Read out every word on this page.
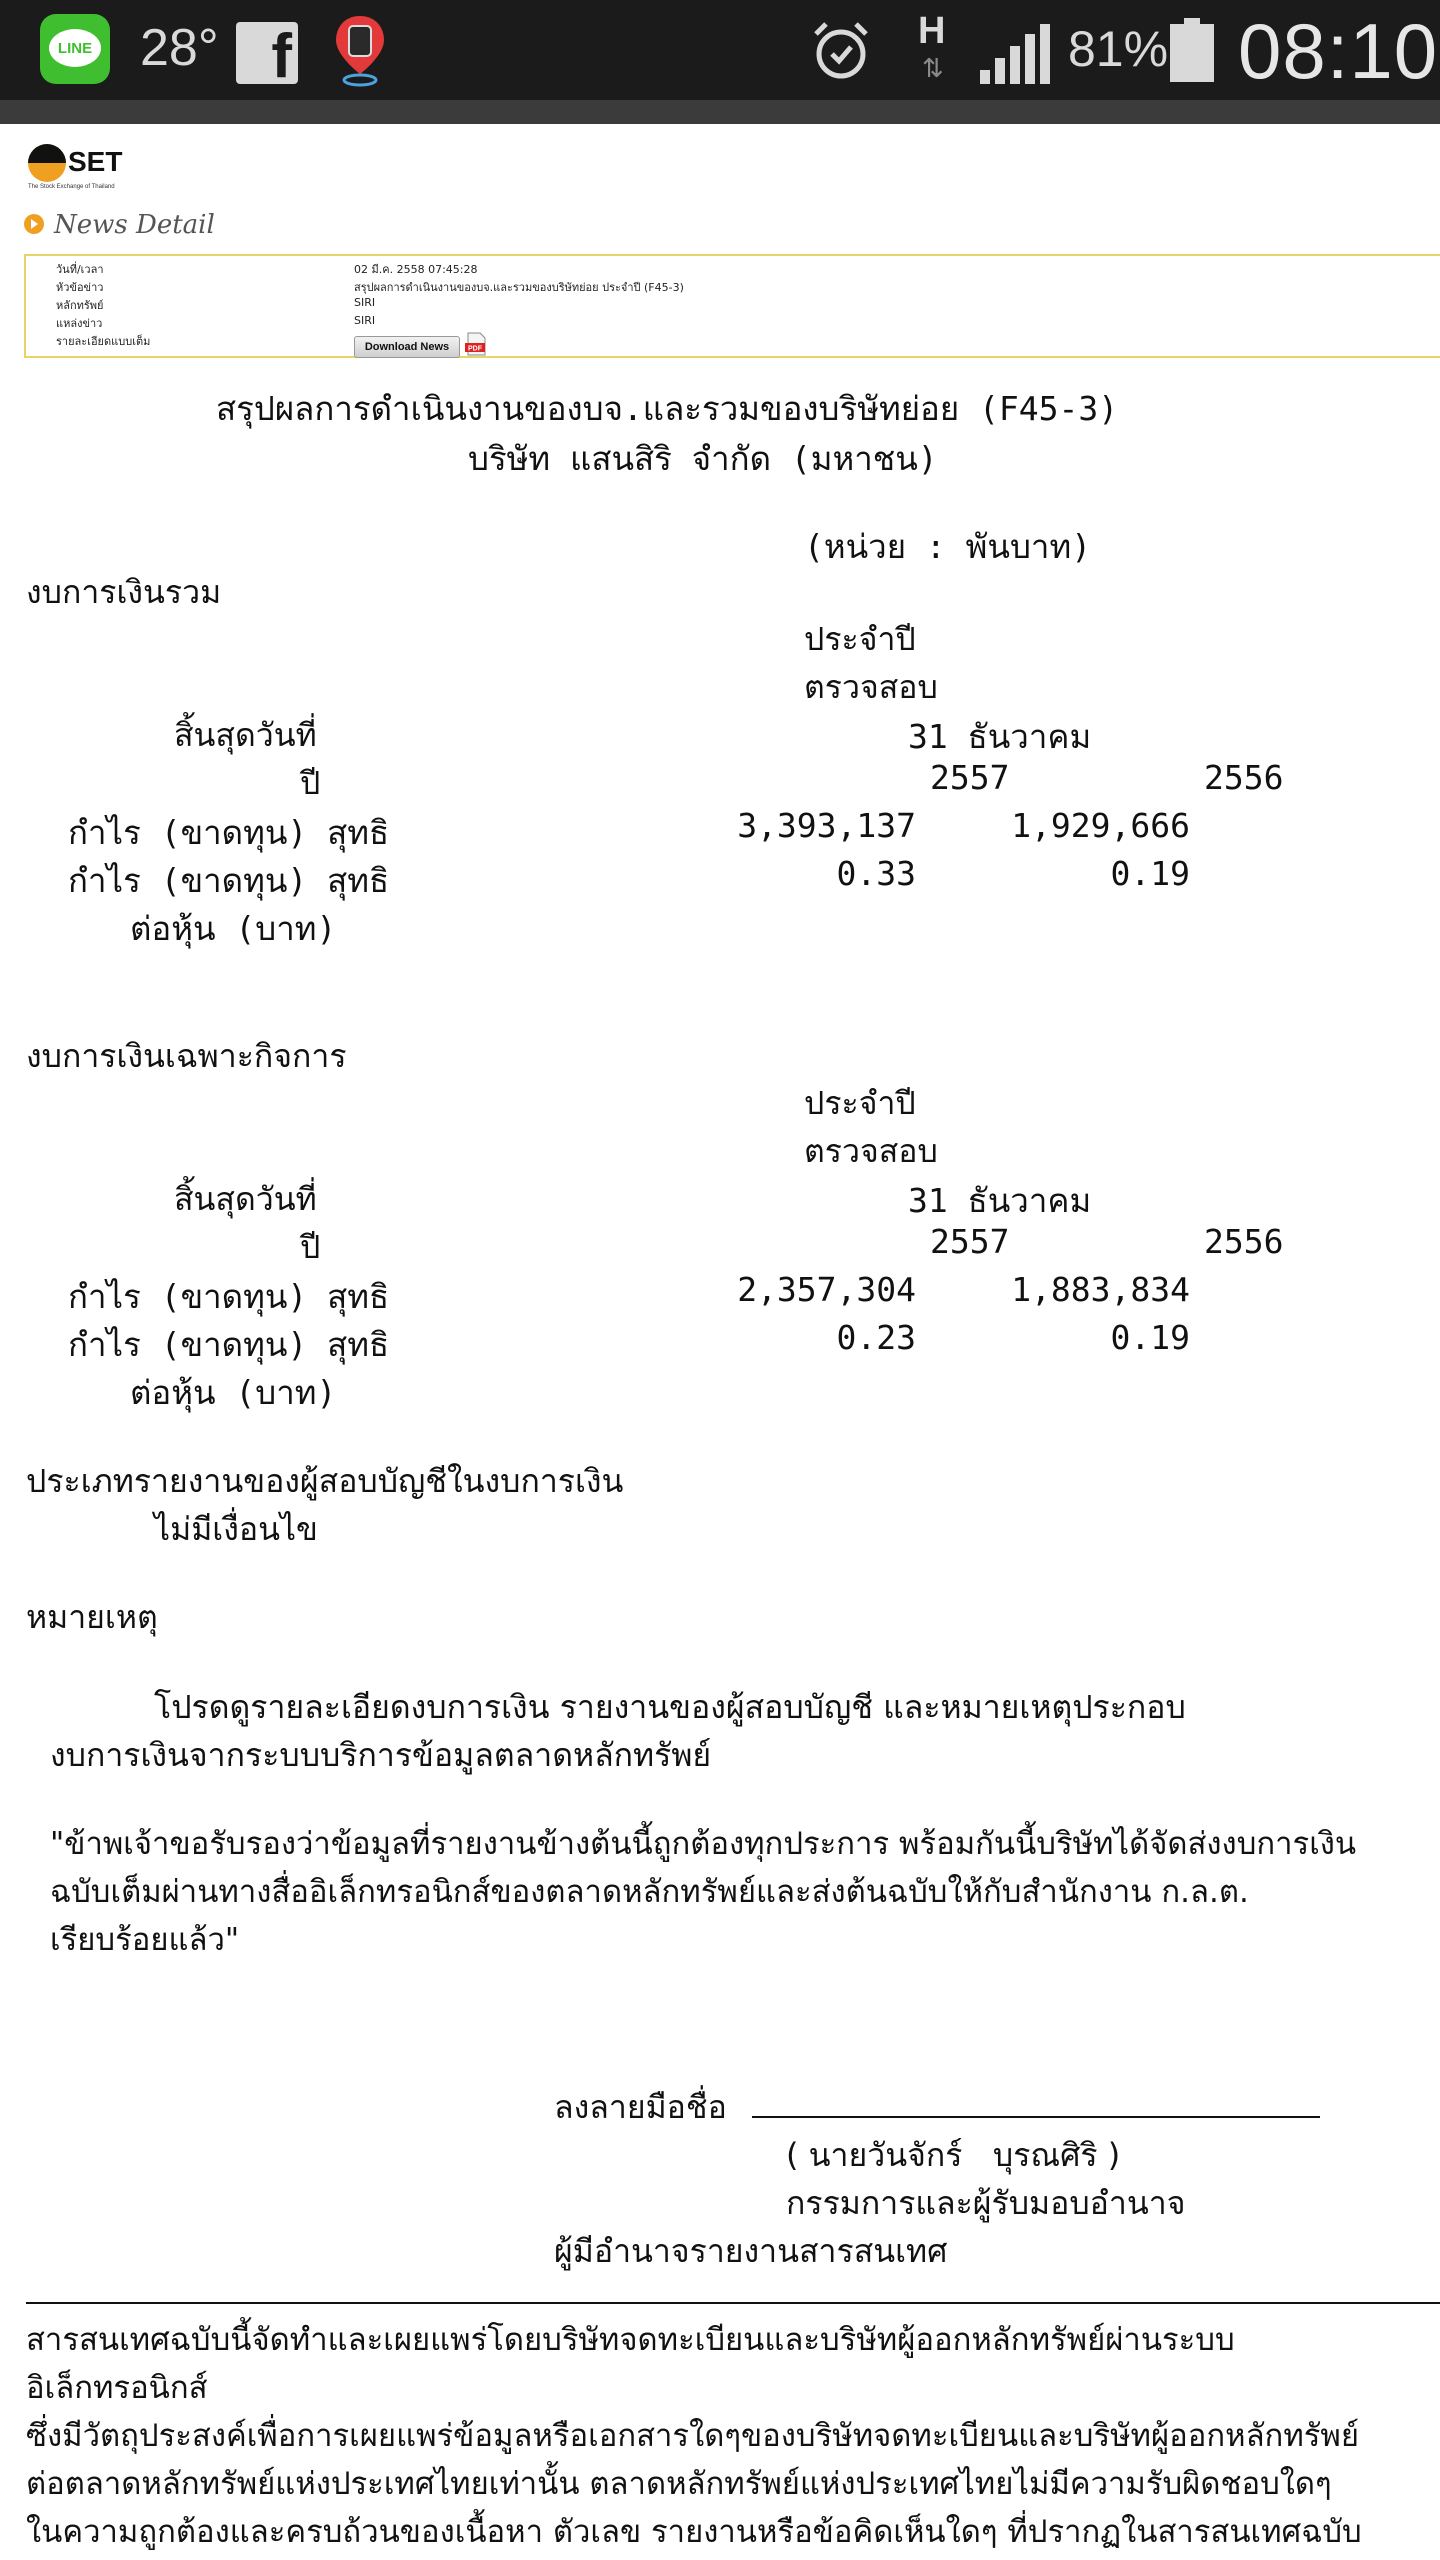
LINE 28° f	H
⇅ 81% 08:10
SET
The Stock Exchange of Thailand
News Detail
วันที่/เวลา	02 มี.ค. 2558 07:45:28
หัวข้อข่าว	สรุปผลการดำเนินงานของบจ.และรวมของบริษัทย่อย ประจำปี (F45-3)
หลักทรัพย์	SIRI
แหล่งข่าว	SIRI
รายละเอียดแบบเต็ม	Download News	PDF
สรุปผลการดำเนินงานของบจ.และรวมของบริษัทย่อย (F45-3)
บริษัท แสนสิริ จำกัด (มหาชน)
(หน่วย : พันบาท)
งบการเงินรวม
ประจำปี
ตรวจสอบ
สิ้นสุดวันที่	31 ธันวาคม
ปี	2557	2556
กำไร (ขาดทุน) สุทธิ	3,393,137	1,929,666
กำไร (ขาดทุน) สุทธิ	0.33	0.19
ต่อหุ้น (บาท)
งบการเงินเฉพาะกิจการ
ประจำปี
ตรวจสอบ
สิ้นสุดวันที่	31 ธันวาคม
ปี	2557	2556
กำไร (ขาดทุน) สุทธิ	2,357,304	1,883,834
กำไร (ขาดทุน) สุทธิ	0.23	0.19
ต่อหุ้น (บาท)
ประเภทรายงานของผู้สอบบัญชีในงบการเงิน
ไม่มีเงื่อนไข
หมายเหตุ
โปรดดูรายละเอียดงบการเงิน รายงานของผู้สอบบัญชี และหมายเหตุประกอบ
งบการเงินจากระบบบริการข้อมูลตลาดหลักทรัพย์
"ข้าพเจ้าขอรับรองว่าข้อมูลที่รายงานข้างต้นนี้ถูกต้องทุกประการ พร้อมกันนี้บริษัทได้จัดส่งงบการเงิน
ฉบับเต็มผ่านทางสื่ออิเล็กทรอนิกส์ของตลาดหลักทรัพย์และส่งต้นฉบับให้กับสำนักงาน ก.ล.ต.
เรียบร้อยแล้ว"
ลงลายมือชื่อ
( นายวันจักร์   บุรณศิริ )
กรรมการและผู้รับมอบอำนาจ
ผู้มีอำนาจรายงานสารสนเทศ
สารสนเทศฉบับนี้จัดทำและเผยแพร่โดยบริษัทจดทะเบียนและบริษัทผู้ออกหลักทรัพย์ผ่านระบบ
อิเล็กทรอนิกส์
ซึ่งมีวัตถุประสงค์เพื่อการเผยแพร่ข้อมูลหรือเอกสารใดๆของบริษัทจดทะเบียนและบริษัทผู้ออกหลักทรัพย์
ต่อตลาดหลักทรัพย์แห่งประเทศไทยเท่านั้น ตลาดหลักทรัพย์แห่งประเทศไทยไม่มีความรับผิดชอบใดๆ
ในความถูกต้องและครบถ้วนของเนื้อหา ตัวเลข รายงานหรือข้อคิดเห็นใดๆ ที่ปรากฏในสารสนเทศฉบับ
